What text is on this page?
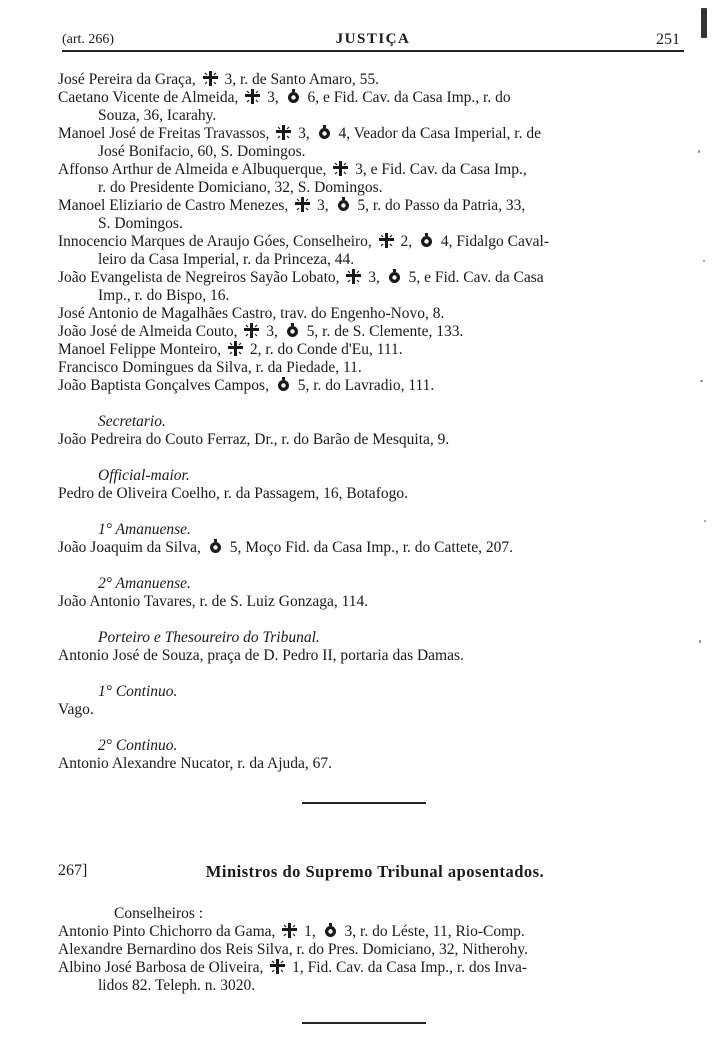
(art. 266)	JUSTIÇA	251
José Pereira da Graça,  3, r. de Santo Amaro, 55.
Caetano Vicente de Almeida,  3,  6, e Fid. Cav. da Casa Imp., r. do
Souza, 36, Icarahy.
Manoel José de Freitas Travassos,  3,  4, Veador da Casa Imperial, r. de
José Bonifacio, 60, S. Domingos.
Affonso Arthur de Almeida e Albuquerque,  3, e Fid. Cav. da Casa Imp.,
r. do Presidente Domiciano, 32, S. Domingos.
Manoel Eliziario de Castro Menezes,  3,  5, r. do Passo da Patria, 33,
S. Domingos.
Innocencio Marques de Araujo Góes, Conselheiro,  2,  4, Fidalgo Caval-
leiro da Casa Imperial, r. da Princeza, 44.
João Evangelista de Negreiros Sayão Lobato,  3,  5, e Fid. Cav. da Casa
Imp., r. do Bispo, 16.
José Antonio de Magalhães Castro, trav. do Engenho-Novo, 8.
João José de Almeida Couto,  3,  5, r. de S. Clemente, 133.
Manoel Felippe Monteiro,  2, r. do Conde d'Eu, 111.
Francisco Domingues da Silva, r. da Piedade, 11.
João Baptista Gonçalves Campos,  5, r. do Lavradio, 111.
Secretario.
João Pedreira do Couto Ferraz, Dr., r. do Barão de Mesquita, 9.
Official-maior.
Pedro de Oliveira Coelho, r. da Passagem, 16, Botafogo.
1° Amanuense.
João Joaquim da Silva,  5, Moço Fid. da Casa Imp., r. do Cattete, 207.
2° Amanuense.
João Antonio Tavares, r. de S. Luiz Gonzaga, 114.
Porteiro e Thesoureiro do Tribunal.
Antonio José de Souza, praça de D. Pedro II, portaria das Damas.
1° Continuo.
Vago.
2° Continuo.
Antonio Alexandre Nucator, r. da Ajuda, 67.
267]	Ministros do Supremo Tribunal aposentados.
Conselheiros :
Antonio Pinto Chichorro da Gama,  1,  3, r. do Léste, 11, Rio-Comp.
Alexandre Bernardino dos Reis Silva, r. do Pres. Domiciano, 32, Nitherohy.
Albino José Barbosa de Oliveira,  1, Fid. Cav. da Casa Imp., r. dos Inva-
lidos 82. Teleph. n. 3020.
